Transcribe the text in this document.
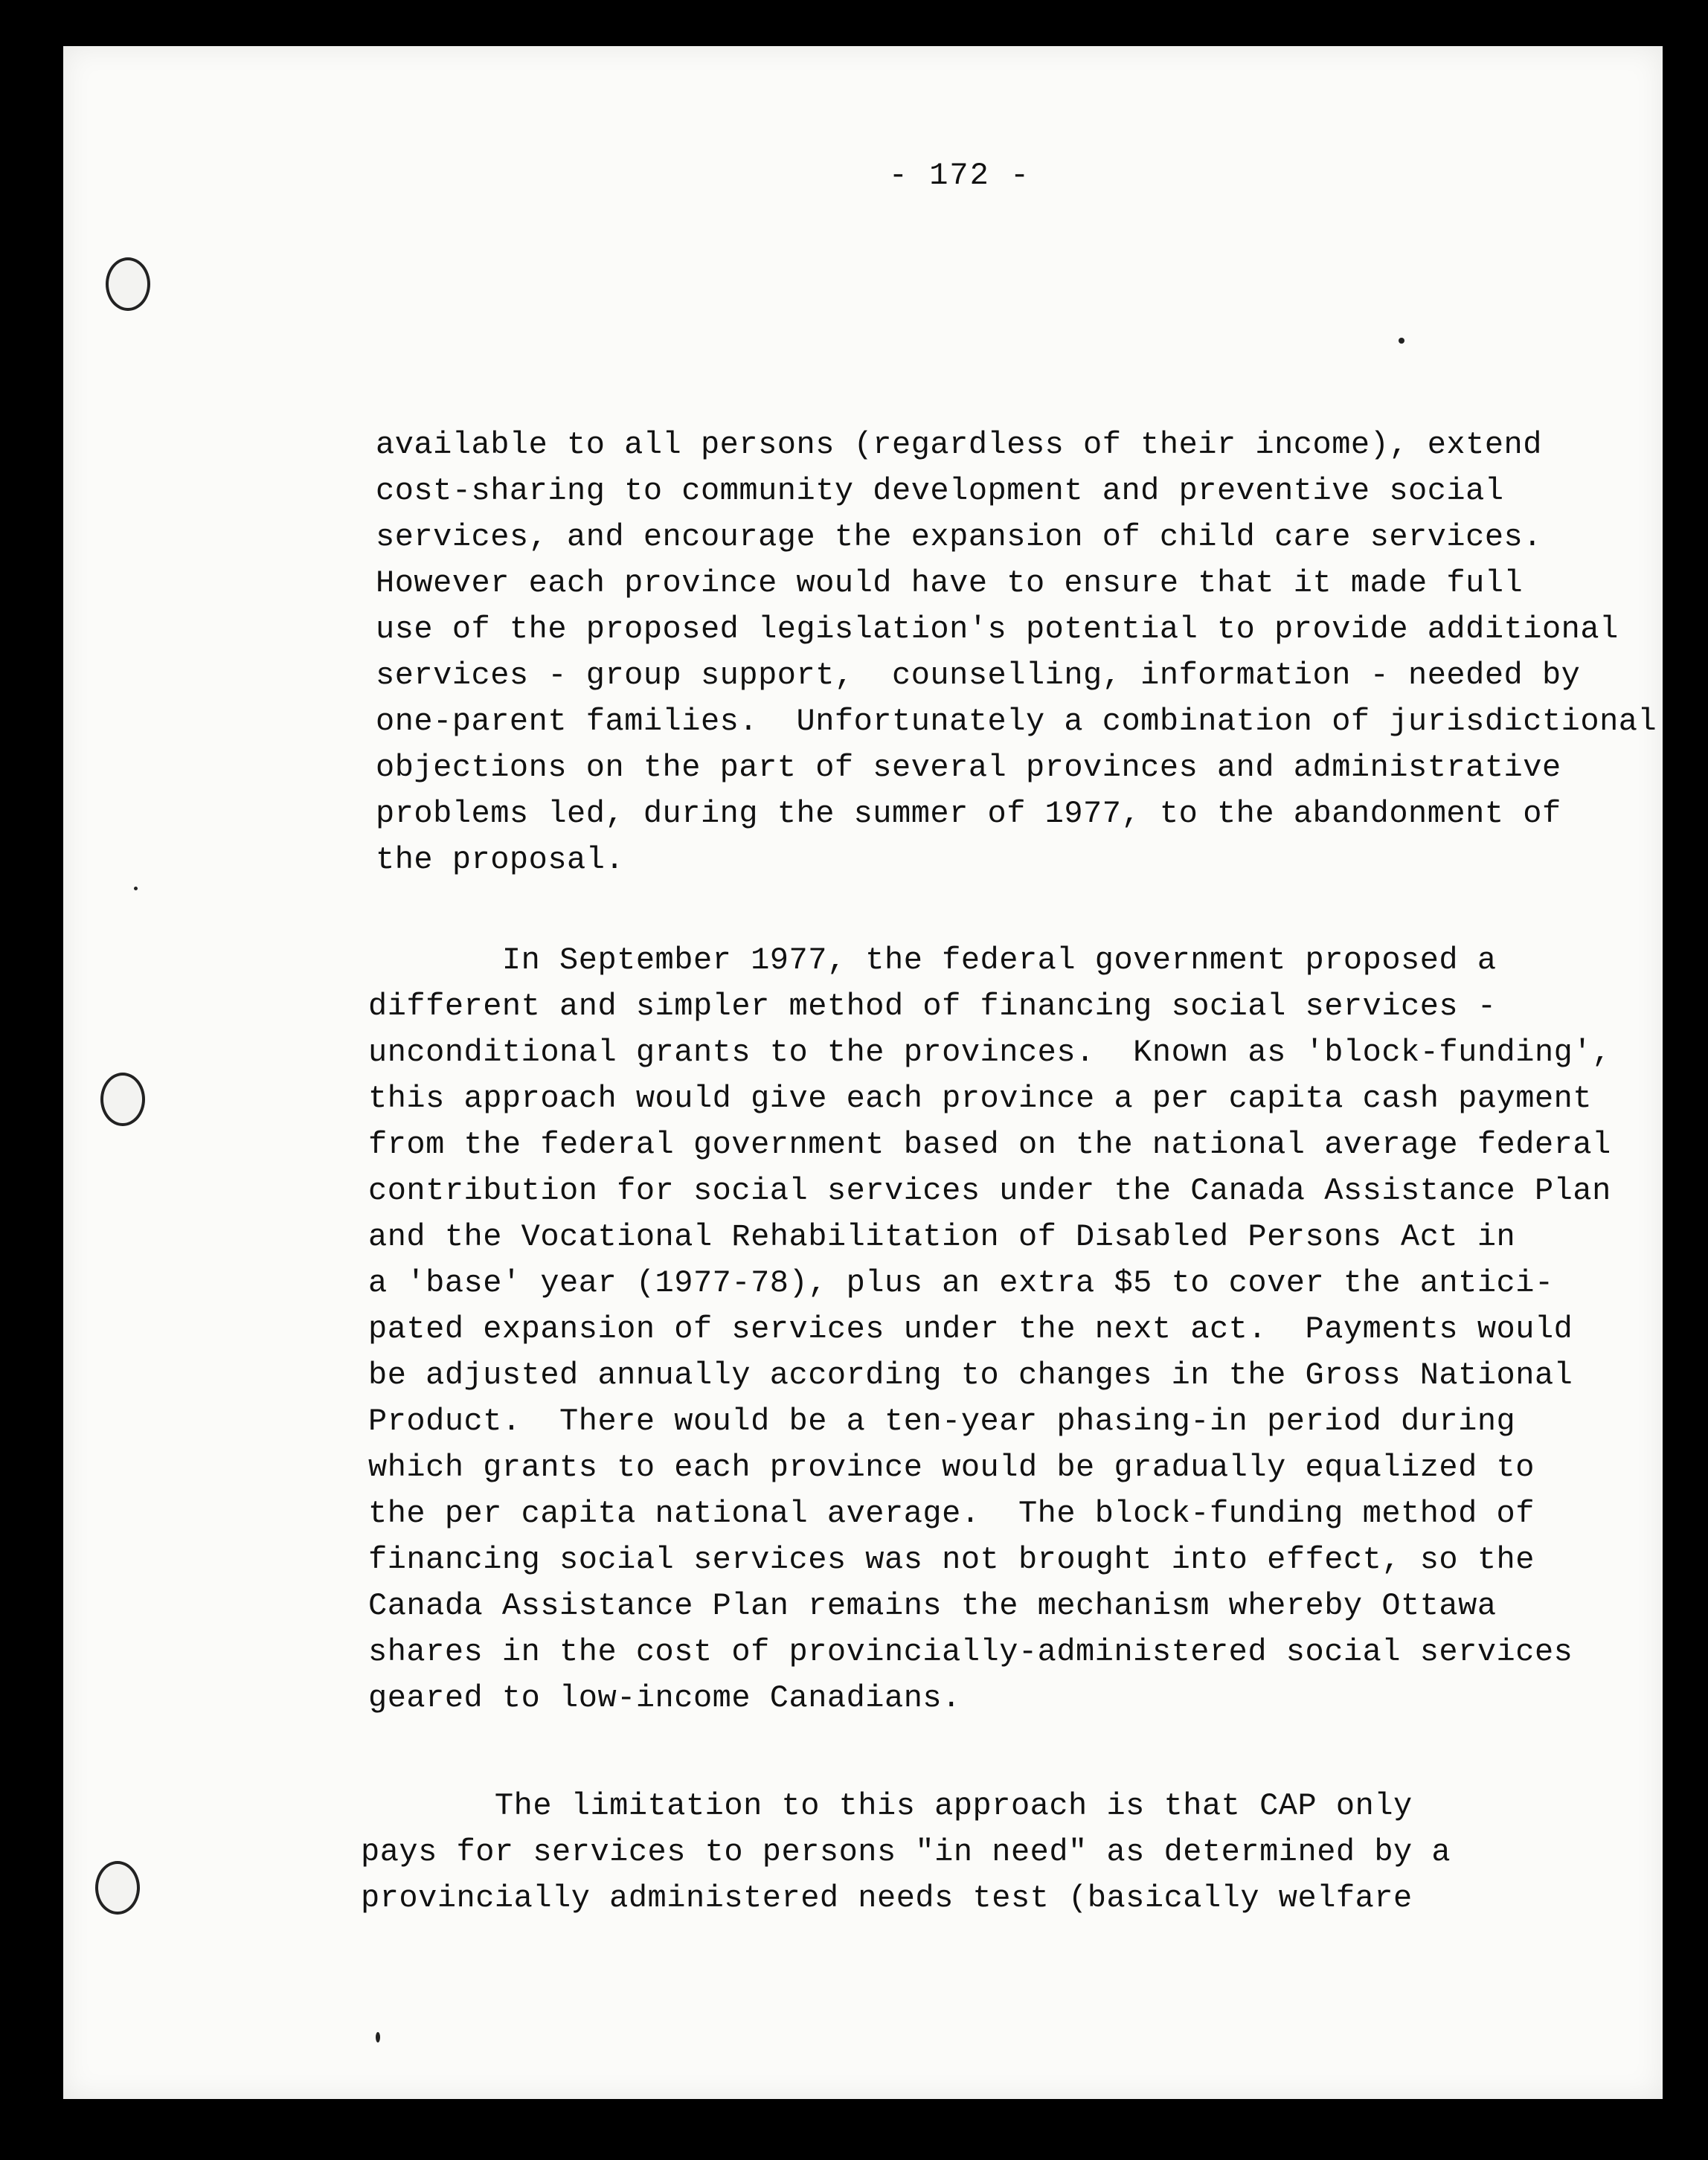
- 172 -
available to all persons (regardless of their income), extend
cost-sharing to community development and preventive social
services, and encourage the expansion of child care services.
However each province would have to ensure that it made full
use of the proposed legislation's potential to provide additional
services - group support,  counselling, information - needed by
one-parent families.  Unfortunately a combination of jurisdictional
objections on the part of several provinces and administrative
problems led, during the summer of 1977, to the abandonment of
the proposal.
In September 1977, the federal government proposed a
different and simpler method of financing social services -
unconditional grants to the provinces.  Known as 'block-funding',
this approach would give each province a per capita cash payment
from the federal government based on the national average federal
contribution for social services under the Canada Assistance Plan
and the Vocational Rehabilitation of Disabled Persons Act in
a 'base' year (1977-78), plus an extra $5 to cover the antici-
pated expansion of services under the next act.  Payments would
be adjusted annually according to changes in the Gross National
Product.  There would be a ten-year phasing-in period during
which grants to each province would be gradually equalized to
the per capita national average.  The block-funding method of
financing social services was not brought into effect, so the
Canada Assistance Plan remains the mechanism whereby Ottawa
shares in the cost of provincially-administered social services
geared to low-income Canadians.
The limitation to this approach is that CAP only
pays for services to persons "in need" as determined by a
provincially administered needs test (basically welfare
